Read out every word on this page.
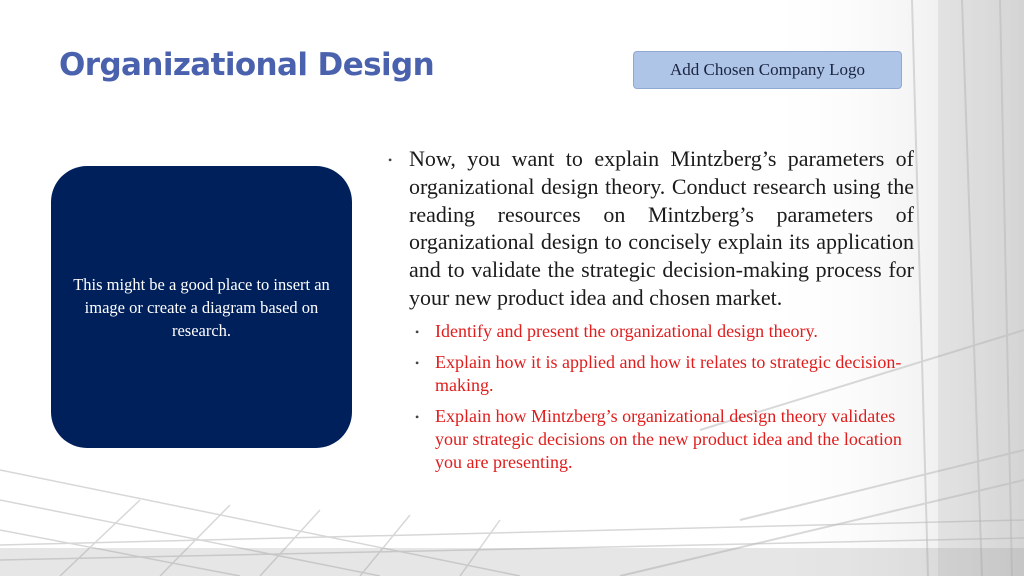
Organizational Design	Add Chosen Company Logo
This might be a good place to insert an image or create a diagram based on research.
• Now, you want to explain Mintzberg’s parameters of organizational design theory. Conduct research using the reading resources on Mintzberg’s parameters of organizational design to concisely explain its application and to validate the strategic decision-making process for your new product idea and chosen market.
• Identify and present the organizational design theory.
• Explain how it is applied and how it relates to strategic decision-making.
• Explain how Mintzberg’s organizational design theory validates your strategic decisions on the new product idea and the location you are presenting.
